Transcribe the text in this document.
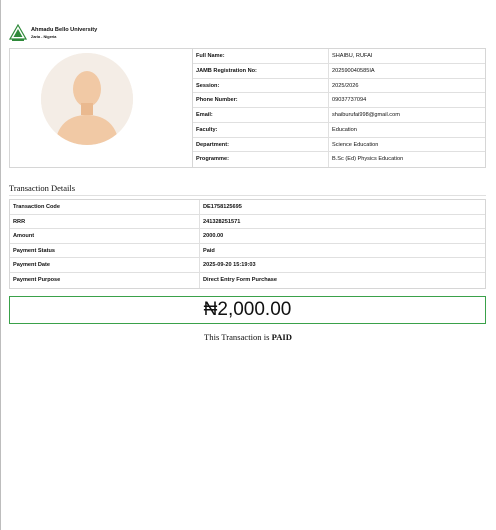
Ahmadu Bello University
Zaria - Nigeria
Full Name:	SHAIBU, RUFAI
JAMB Registration No:	202590040585IA
Session:	2025/2026
Phone Number:	09037737094
Email:	shaiburufai998@gmail.com
Faculty:	Education
Department:	Science Education
Programme:	B.Sc (Ed) Physics Education
Transaction Details
Transaction Code	DE1758125695
RRR	241328251571
Amount	2000.00
Payment Status	Paid
Payment Date	2025-09-20 15:19:03
Payment Purpose	Direct Entry Form Purchase
₦2,000.00
This Transaction is PAID
